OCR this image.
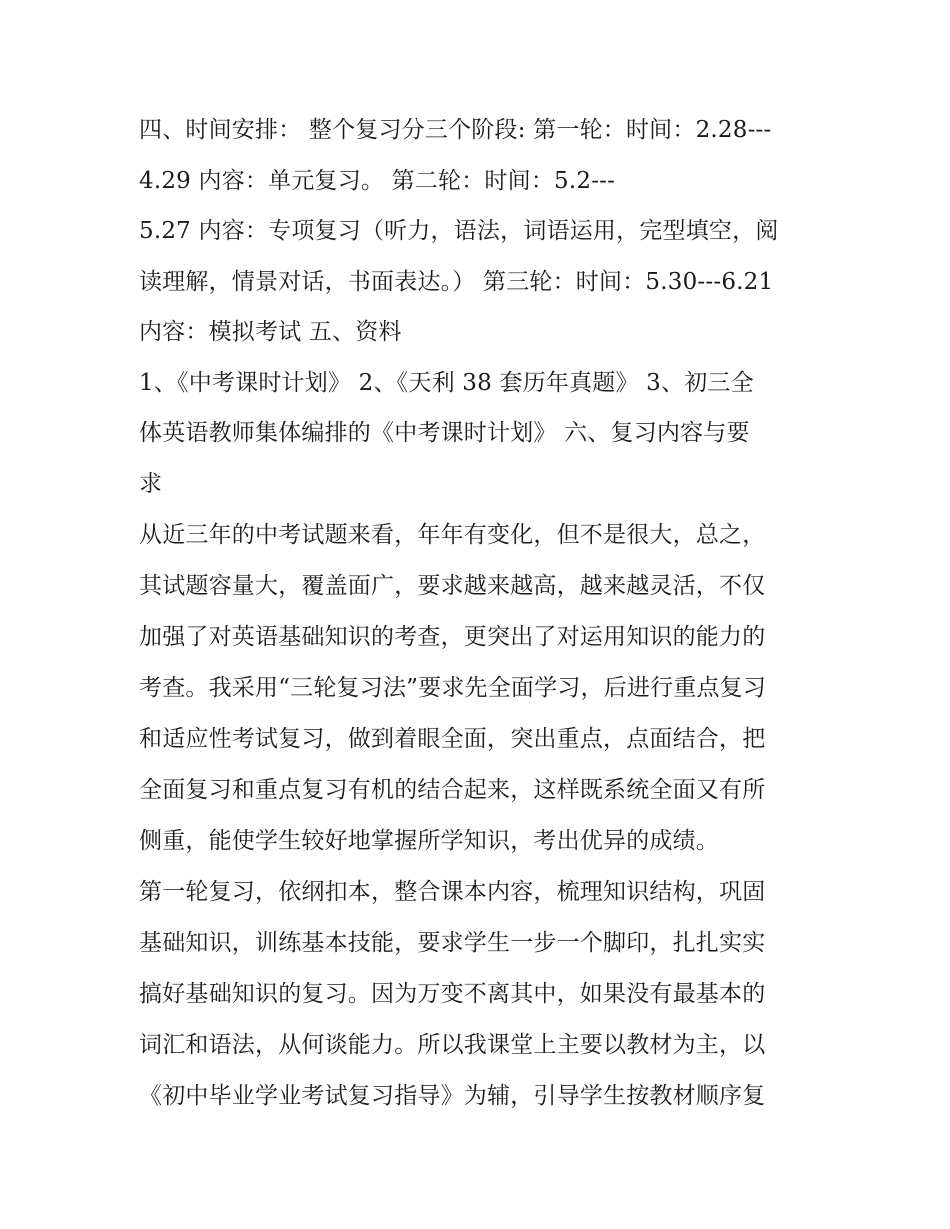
四、时间安排： 整个复习分三个阶段: 第一轮：时间：2.28---
4.29 内容：单元复习。 第二轮：时间：5.2---
5.27 内容：专项复习（听力，语法，词语运用，完型填空，阅
读理解，情景对话，书面表达。） 第三轮：时间：5.30---6.21
内容：模拟考试 五、资料
1、《中考课时计划》 2、《天利 38 套历年真题》 3、初三全
体英语教师集体编排的《中考课时计划》 六、复习内容与要
求
从近三年的中考试题来看，年年有变化，但不是很大，总之，
其试题容量大，覆盖面广，要求越来越高，越来越灵活，不仅
加强了对英语基础知识的考查，更突出了对运用知识的能力的
考查。我采用“三轮复习法”要求先全面学习，后进行重点复习
和适应性考试复习，做到着眼全面，突出重点，点面结合，把
全面复习和重点复习有机的结合起来，这样既系统全面又有所
侧重，能使学生较好地掌握所学知识，考出优异的成绩。
第一轮复习，依纲扣本，整合课本内容，梳理知识结构，巩固
基础知识，训练基本技能，要求学生一步一个脚印，扎扎实实
搞好基础知识的复习。因为万变不离其中，如果没有最基本的
词汇和语法，从何谈能力。所以我课堂上主要以教材为主，以
《初中毕业学业考试复习指导》为辅，引导学生按教材顺序复
